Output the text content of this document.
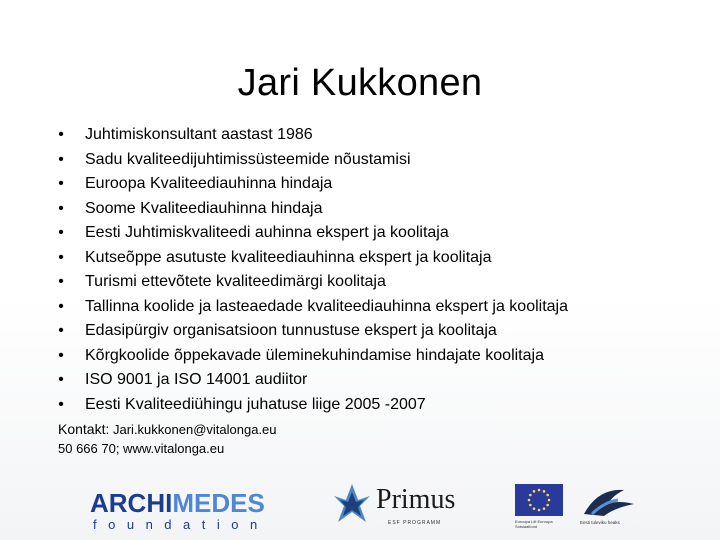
Jari Kukkonen
• Juhtimiskonsultant aastast 1986
• Sadu kvaliteedijuhtimissüsteemide nõustamisi
• Euroopa Kvaliteediauhinna hindaja
• Soome Kvaliteediauhinna hindaja
• Eesti Juhtimiskvaliteedi auhinna ekspert ja koolitaja
• Kutseõppe asutuste kvaliteediauhinna ekspert ja koolitaja
• Turismi ettevõtete kvaliteedimärgi koolitaja
• Tallinna koolide ja lasteaedade kvaliteediauhinna ekspert ja koolitaja
• Edasipürgiv organisatsioon tunnustuse ekspert ja koolitaja
• Kõrgkoolide õppekavade üleminekuhindamise hindajate koolitaja
• ISO 9001 ja ISO 14001 audiitor
• Eesti Kvaliteediühingu juhatuse liige 2005 -2007
Kontakt: Jari.kukkonen@vitalonga.eu
50 666 70; www.vitalonga.eu
ARCHIMEDES
foundation
Primus
ESF PROGRAMM	Euroopa Liit Euroopa Sotsiaalfond
Eesti tuleviku heaks
